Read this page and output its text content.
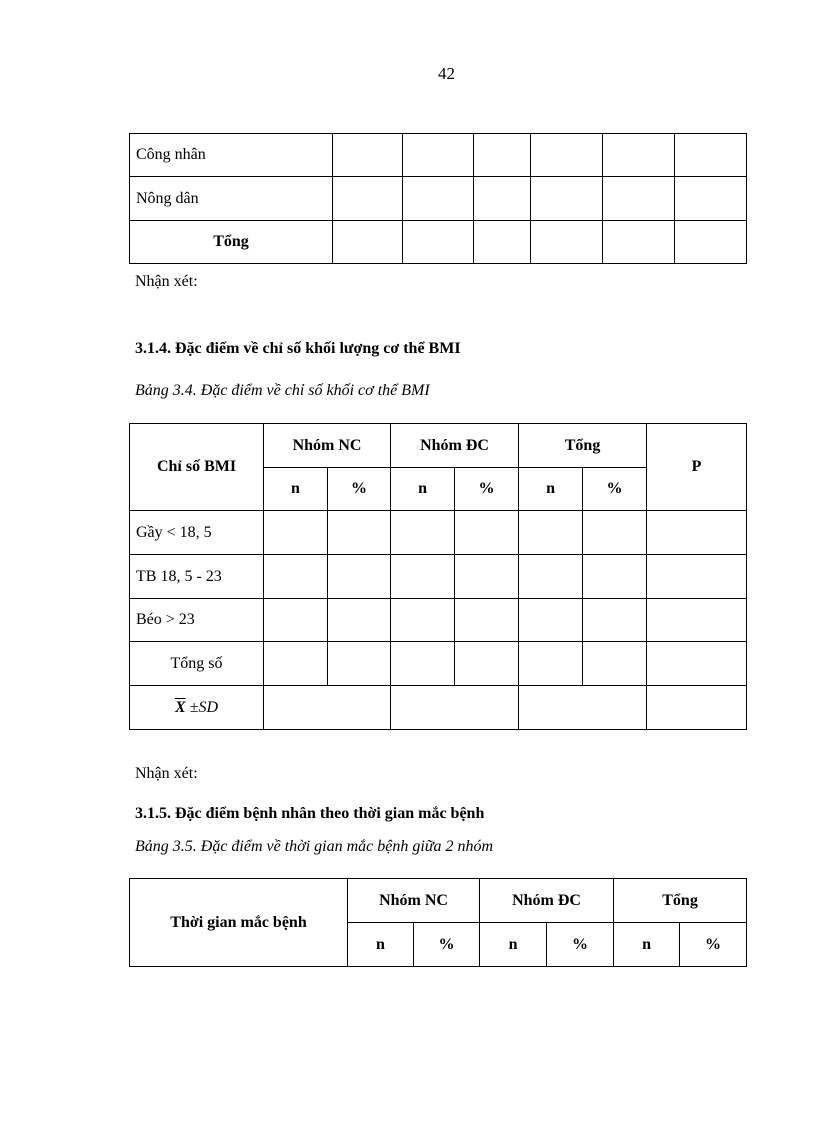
42
Công nhân						
Nông dân						
Tổng						
Nhận xét:
3.1.4. Đặc điểm về chỉ số khối lượng cơ thể BMI
Bảng 3.4. Đặc điểm về chỉ số khối cơ thể BMI
Chỉ số BMI	Nhóm NC		Nhóm ĐC		Tổng		P
	n	%	n	%	n	%	
Gầy < 18, 5							
TB 18, 5 - 23							
Béo > 23							
Tổng số							
$\overline{X} \pm SD$							
Nhận xét:
3.1.5. Đặc điểm bệnh nhân theo thời gian mắc bệnh
Bảng 3.5. Đặc điểm về thời gian mắc bệnh giữa 2 nhóm
Thời gian mắc bệnh	Nhóm NC		Nhóm ĐC		Tổng	
	n	%	n	%	n	%
